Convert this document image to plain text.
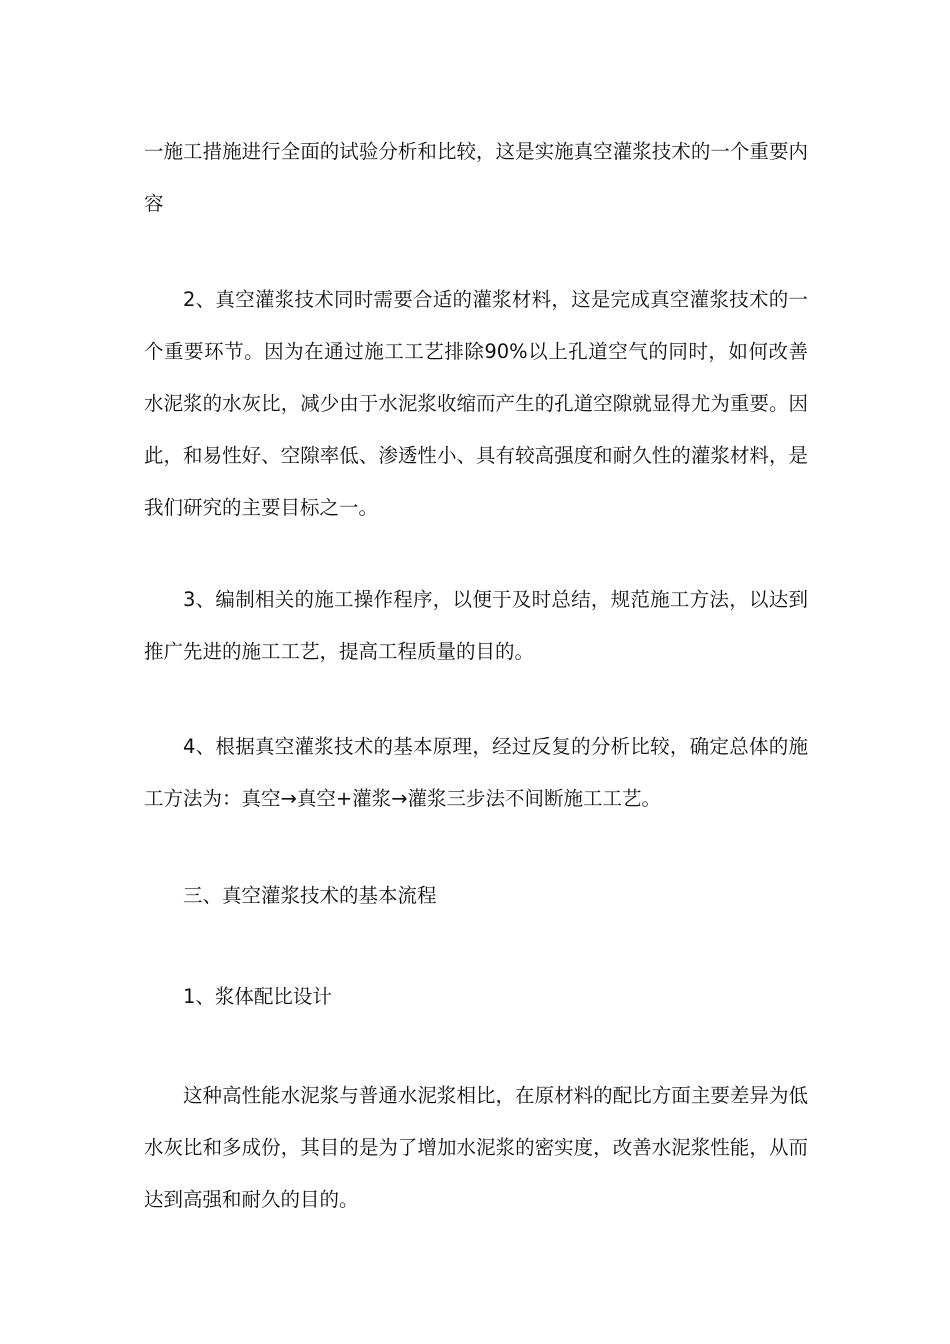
一施工措施进行全面的试验分析和比较，这是实施真空灌浆技术的一个重要内容

2、真空灌浆技术同时需要合适的灌浆材料，这是完成真空灌浆技术的一个重要环节。因为在通过施工工艺排除90%以上孔道空气的同时，如何改善水泥浆的水灰比，减少由于水泥浆收缩而产生的孔道空隙就显得尤为重要。因此，和易性好、空隙率低、渗透性小、具有较高强度和耐久性的灌浆材料，是我们研究的主要目标之一。

3、编制相关的施工操作程序，以便于及时总结，规范施工方法，以达到推广先进的施工工艺，提高工程质量的目的。

4、根据真空灌浆技术的基本原理，经过反复的分析比较，确定总体的施工方法为：真空→真空+灌浆→灌浆三步法不间断施工工艺。

三、真空灌浆技术的基本流程

1、浆体配比设计

这种高性能水泥浆与普通水泥浆相比，在原材料的配比方面主要差异为低水灰比和多成份，其目的是为了增加水泥浆的密实度，改善水泥浆性能，从而达到高强和耐久的目的。
